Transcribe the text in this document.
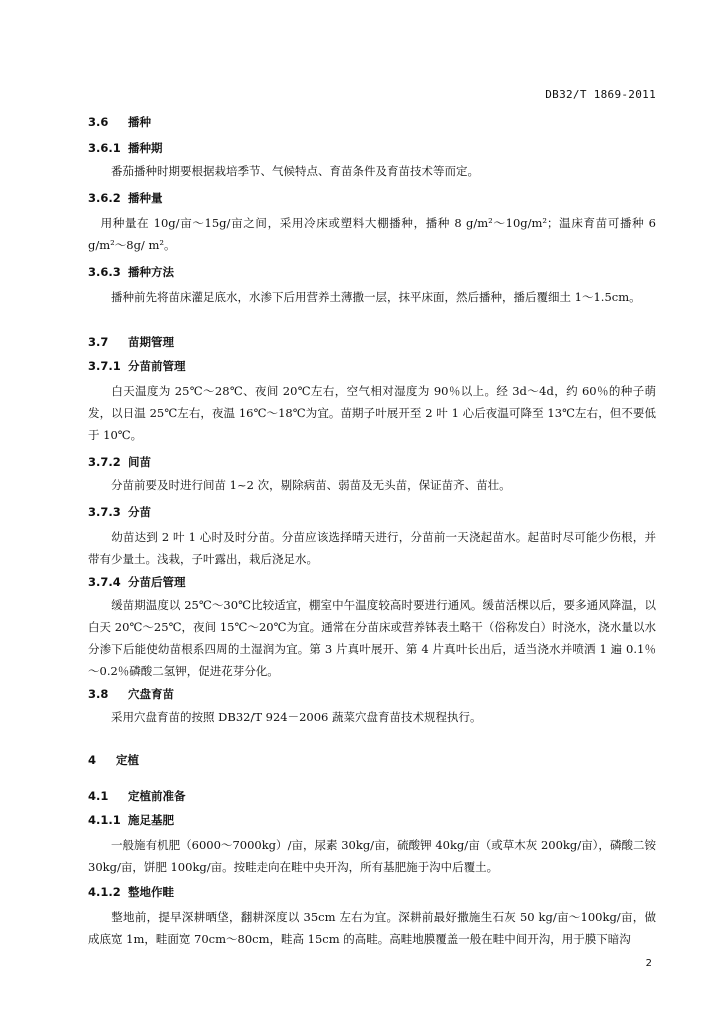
DB32/T 1869-2011
3.6 播种
3.6.1 播种期
番茄播种时期要根据栽培季节、气候特点、育苗条件及育苗技术等而定。
3.6.2 播种量
用种量在 10g/亩～15g/亩之间，采用冷床或塑料大棚播种，播种 8 g/m²～10g/m²；温床育苗可播种 6 g/m²～8g/ m²。
3.6.3 播种方法
播种前先将苗床灌足底水，水渗下后用营养土薄撒一层，抹平床面，然后播种，播后覆细土 1～1.5cm。
3.7 苗期管理
3.7.1 分苗前管理
白天温度为 25℃～28℃、夜间 20℃左右，空气相对湿度为 90％以上。经 3d～4d，约 60％的种子萌发，以日温 25℃左右，夜温 16℃～18℃为宜。苗期子叶展开至 2 叶 1 心后夜温可降至 13℃左右，但不要低于 10℃。
3.7.2 间苗
分苗前要及时进行间苗 1~2 次，剔除病苗、弱苗及无头苗，保证苗齐、苗壮。
3.7.3 分苗
幼苗达到 2 叶 1 心时及时分苗。分苗应该选择晴天进行，分苗前一天浇起苗水。起苗时尽可能少伤根，并带有少量土。浅栽，子叶露出，栽后浇足水。
3.7.4 分苗后管理
缓苗期温度以 25℃～30℃比较适宜，棚室中午温度较高时要进行通风。缓苗活棵以后，要多通风降温，以白天 20℃～25℃，夜间 15℃～20℃为宜。通常在分苗床或营养钵表土略干（俗称发白）时浇水，浇水量以水分渗下后能使幼苗根系四周的土湿润为宜。第 3 片真叶展开、第 4 片真叶长出后，适当浇水并喷洒 1 遍 0.1％～0.2％磷酸二氢钾，促进花芽分化。
3.8 穴盘育苗
采用穴盘育苗的按照 DB32/T 924－2006 蔬菜穴盘育苗技术规程执行。
4 定植
4.1 定植前准备
4.1.1 施足基肥
一般施有机肥（6000～7000kg）/亩，尿素 30kg/亩，硫酸钾 40kg/亩（或草木灰 200kg/亩），磷酸二铵 30kg/亩，饼肥 100kg/亩。按畦走向在畦中央开沟，所有基肥施于沟中后覆土。
4.1.2 整地作畦
整地前，提早深耕晒垡，翻耕深度以 35cm 左右为宜。深耕前最好撒施生石灰 50 kg/亩～100kg/亩，做成底宽 1m，畦面宽 70cm～80cm，畦高 15cm 的高畦。高畦地膜覆盖一般在畦中间开沟，用于膜下暗沟
2
